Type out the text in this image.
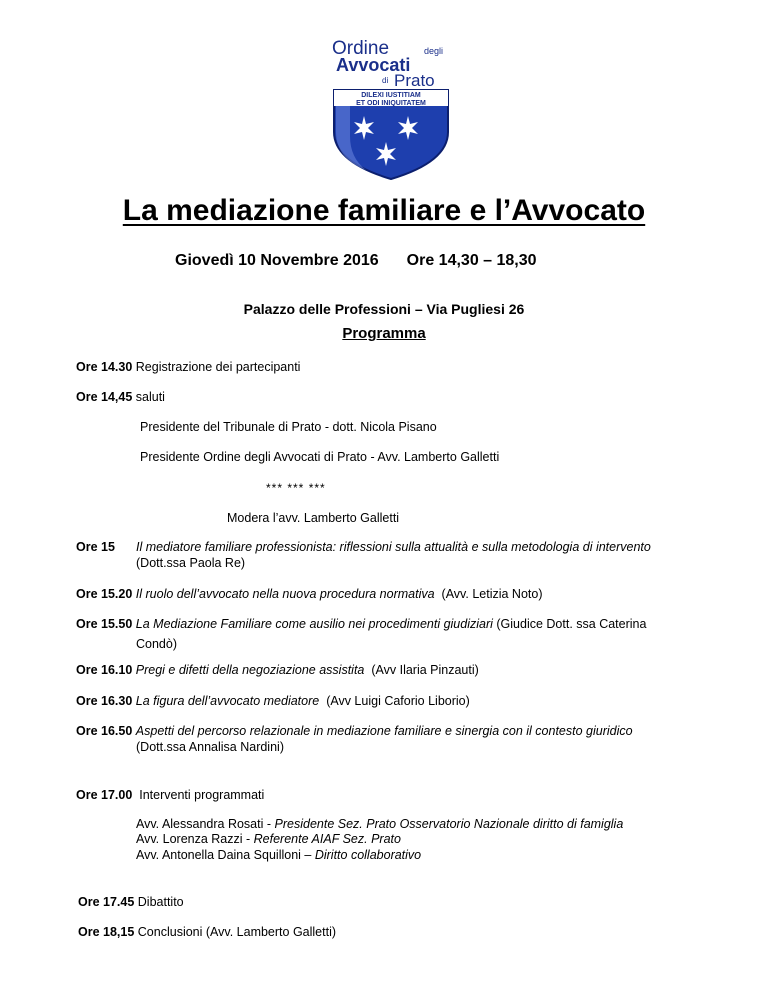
DILEXI IUSTITIAM
ET ODI INIQUITATEM
Ordine	degli
Avvocati
di Prato
La mediazione familiare e l’Avvocato
Giovedì 10 Novembre 2016 Ore 14,30 – 18,30
Palazzo delle Professioni – Via Pugliesi 26
Programma
Ore 14.30 Registrazione dei partecipanti
Ore 14,45 saluti
Presidente del Tribunale di Prato - dott. Nicola Pisano
Presidente Ordine degli Avvocati di Prato - Avv. Lamberto Galletti
*** *** ***
Modera l’avv. Lamberto Galletti
Ore 15 Il mediatore familiare professionista: riflessioni sulla attualità e sulla metodologia di intervento
(Dott.ssa Paola Re)
Ore 15.20 Il ruolo dell’avvocato nella nuova procedura normativa (Avv. Letizia Noto)
Ore 15.50 La Mediazione Familiare come ausilio nei procedimenti giudiziari (Giudice Dott. ssa Caterina
Condò)
Ore 16.10 Pregi e difetti della negoziazione assistita (Avv Ilaria Pinzauti)
Ore 16.30 La figura dell’avvocato mediatore (Avv Luigi Caforio Liborio)
Ore 16.50 Aspetti del percorso relazionale in mediazione familiare e sinergia con il contesto giuridico
(Dott.ssa Annalisa Nardini)
Ore 17.00 Interventi programmati
Avv. Alessandra Rosati - Presidente Sez. Prato Osservatorio Nazionale diritto di famiglia
Avv. Lorenza Razzi - Referente AIAF Sez. Prato
Avv. Antonella Daina Squilloni – Diritto collaborativo
Ore 17.45 Dibattito
Ore 18,15 Conclusioni (Avv. Lamberto Galletti)
